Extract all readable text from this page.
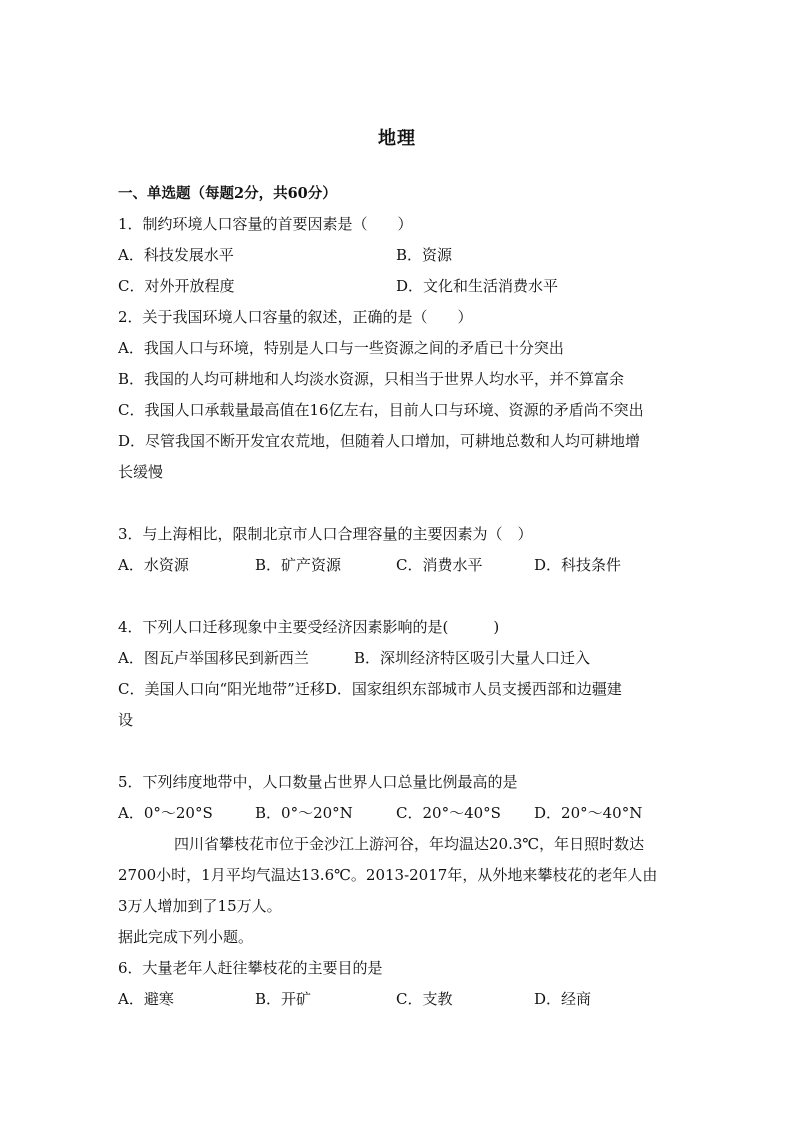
地理
一、单选题（每题2分，共60分）
1．制约环境人口容量的首要因素是（　　）
A．科技发展水平	B．资源
C．对外开放程度	D．文化和生活消费水平
2．关于我国环境人口容量的叙述，正确的是（　　）
A．我国人口与环境，特别是人口与一些资源之间的矛盾已十分突出
B．我国的人均可耕地和人均淡水资源，只相当于世界人均水平，并不算富余
C．我国人口承载量最高值在16亿左右，目前人口与环境、资源的矛盾尚不突出
D．尽管我国不断开发宜农荒地，但随着人口增加，可耕地总数和人均可耕地增
长缓慢
3．与上海相比，限制北京市人口合理容量的主要因素为（　）
A．水资源	B．矿产资源	C．消费水平	D．科技条件
4．下列人口迁移现象中主要受经济因素影响的是(　　　)
A．图瓦卢举国移民到新西兰	B．深圳经济特区吸引大量人口迁入
C．美国人口向“阳光地带”迁移D．国家组织东部城市人员支援西部和边疆建
设
5．下列纬度地带中，人口数量占世界人口总量比例最高的是
A．0°～20°S	B．0°～20°N	C．20°～40°S D．20°～40°N
四川省攀枝花市位于金沙江上游河谷，年均温达20.3℃，年日照时数达
2700小时，1月平均气温达13.6℃。2013-2017年，从外地来攀枝花的老年人由
3万人增加到了15万人。
据此完成下列小题。
6．大量老年人赶往攀枝花的主要目的是
A．避寒	B．开矿	C．支教	D．经商
